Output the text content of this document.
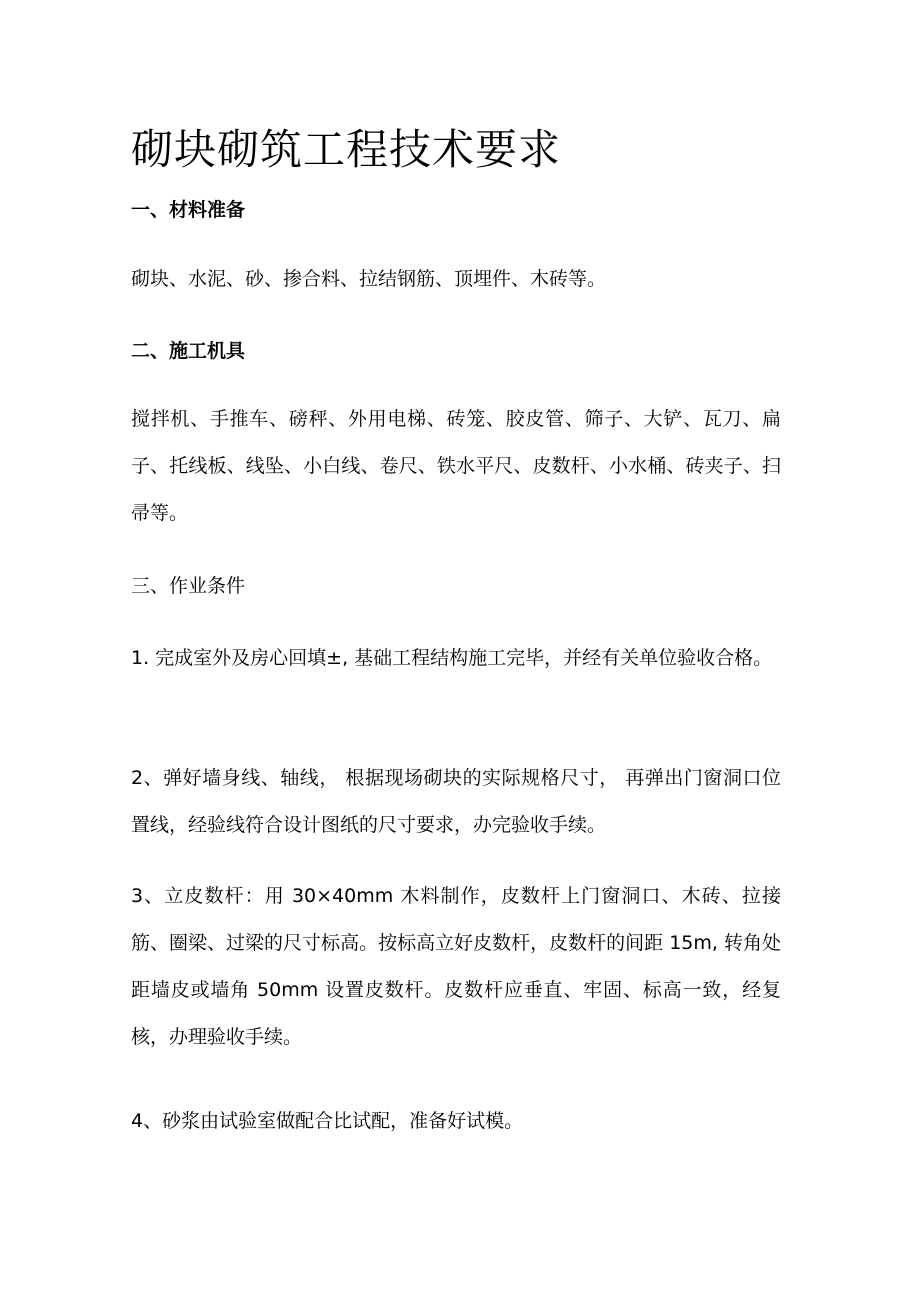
砌块砌筑工程技术要求
一、材料准备

砌块、水泥、砂、掺合料、拉结钢筋、顶埋件、木砖等。

二、施工机具

搅拌机、手推车、磅秤、外用电梯、砖笼、胶皮管、筛子、大铲、瓦刀、扁子、托线板、线坠、小白线、卷尺、铁水平尺、皮数杆、小水桶、砖夹子、扫帚等。

三、作业条件

1. 完成室外及房心回填±, 基础工程结构施工完毕，并经有关单位验收合格。

2、弹好墙身线、轴线， 根据现场砌块的实际规格尺寸， 再弹出门窗洞口位置线，经验线符合设计图纸的尺寸要求，办完验收手续。

3、立皮数杆：用 30×40mm 木料制作，皮数杆上门窗洞口、木砖、拉接筋、圈梁、过梁的尺寸标高。按标高立好皮数杆，皮数杆的间距 15m, 转角处距墙皮或墙角 50mm 设置皮数杆。皮数杆应垂直、牢固、标高一致，经复核，办理验收手续。

4、砂浆由试验室做配合比试配，准备好试模。
